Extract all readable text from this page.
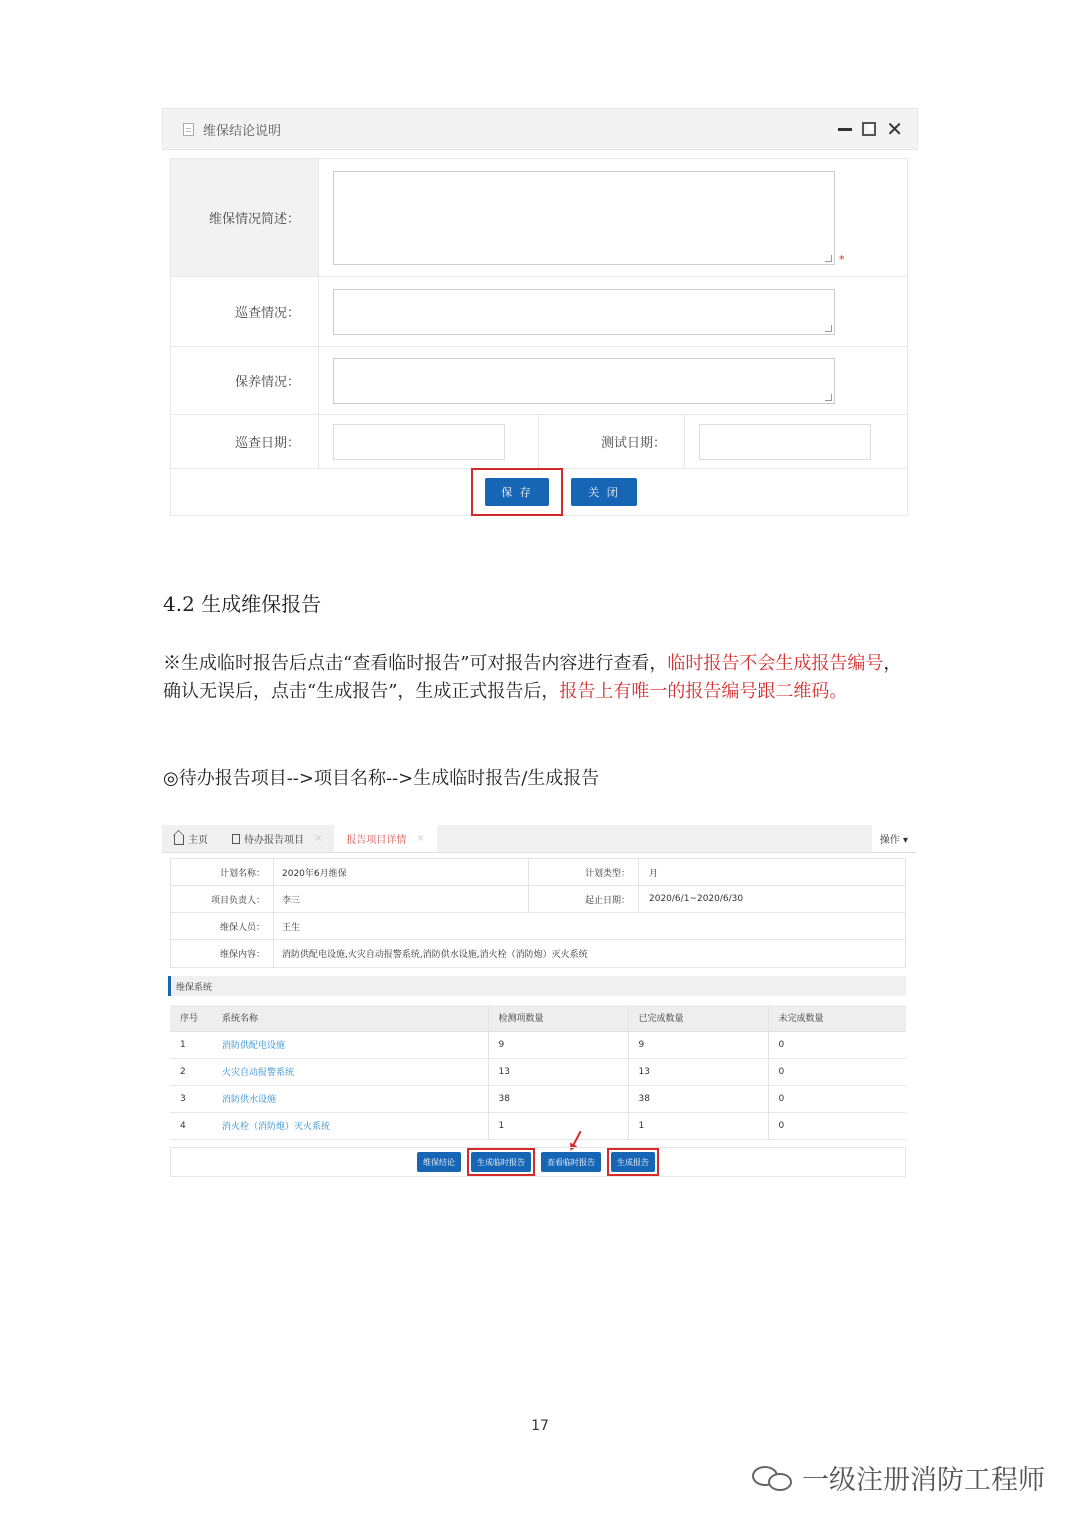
维保结论说明	✕
维保情况简述：
*
巡查情况：
保养情况：
巡查日期：	测试日期：
保 存	关 闭
4.2 生成维保报告
※生成临时报告后点击“查看临时报告”可对报告内容进行查看，临时报告不会生成报告编号，确认无误后，点击“生成报告”，生成正式报告后，报告上有唯一的报告编号跟二维码。
◎待办报告项目-->项目名称-->生成临时报告/生成报告
主页	待办报告项目 × 报告项目详情 ×	操作 ▾
计划名称：	2020年6月维保	计划类型：	月
项目负责人：	李三	起止日期：	2020/6/1~2020/6/30
维保人员：	王生
维保内容：	消防供配电设施,火灾自动报警系统,消防供水设施,消火栓（消防炮）灭火系统
维保系统
序号	系统名称	检测项数量	已完成数量	未完成数量
1	消防供配电设施	9	9	0
2	火灾自动报警系统	13	13	0
3	消防供水设施	38	38	0
4	消火栓（消防炮）灭火系统	1	1	0
维保结论	生成临时报告	查看临时报告	生成报告
17
一级注册消防工程师
